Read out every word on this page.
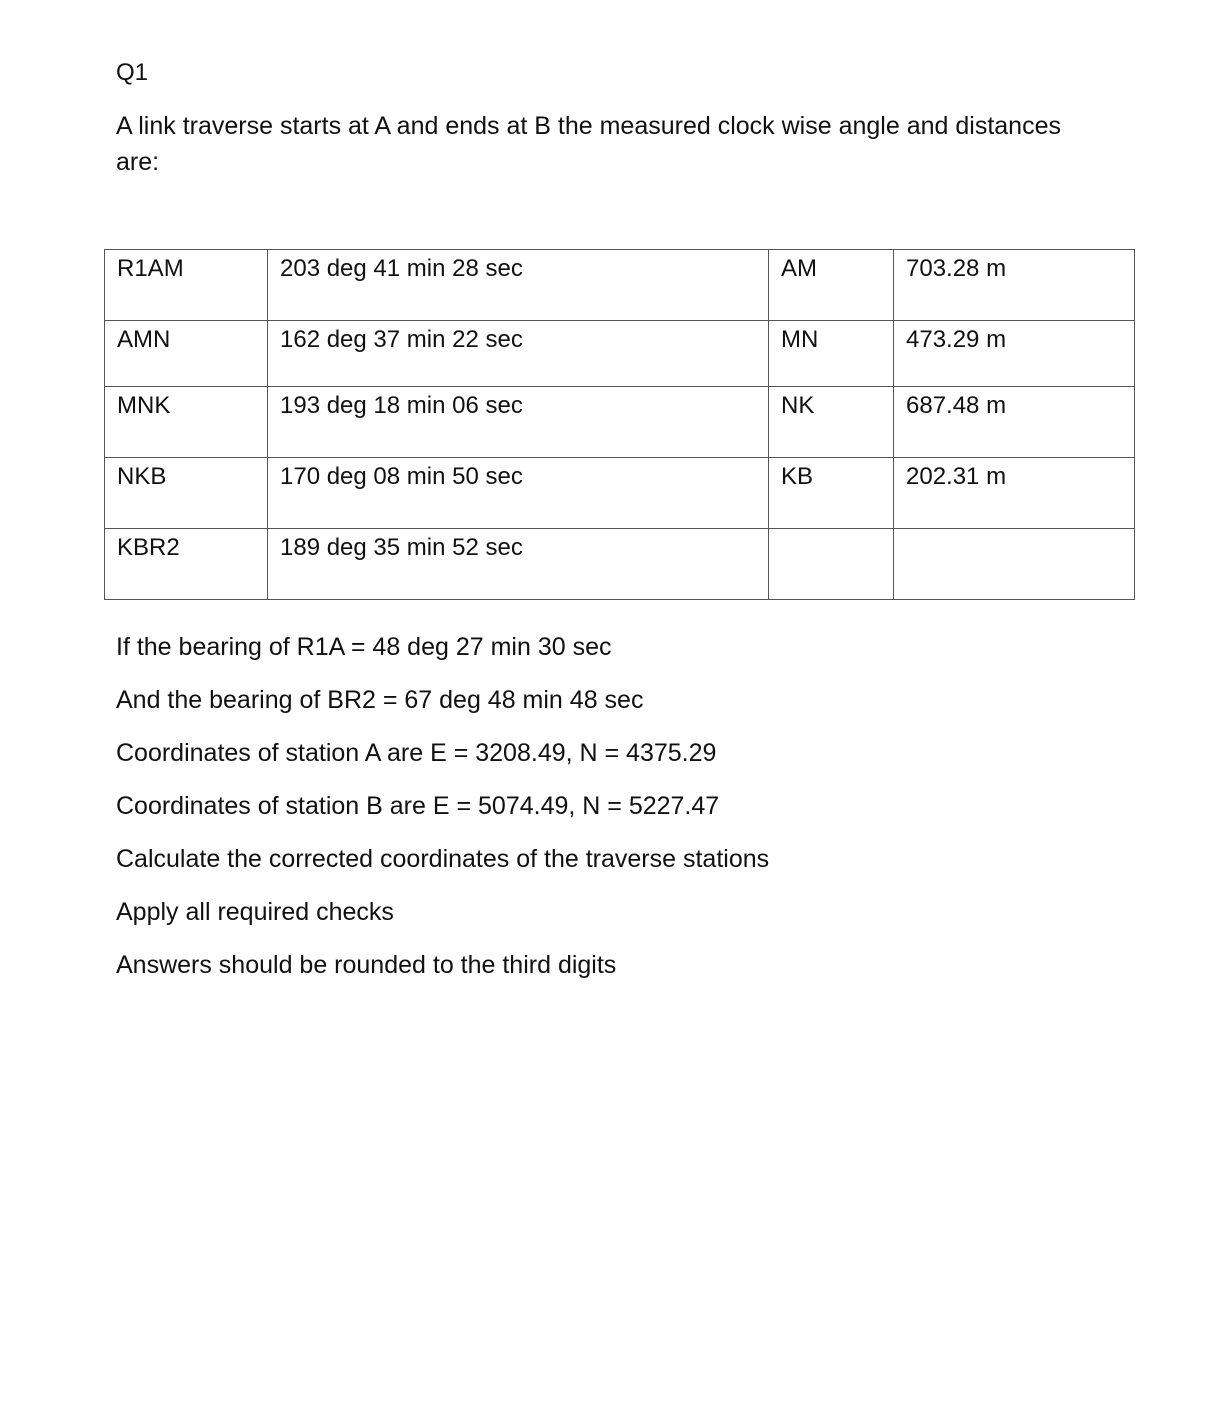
Q1
A link traverse starts at A and ends at B the measured clock wise angle and distances are:
R1AM	203 deg 41 min 28 sec	AM	703.28 m
AMN	162 deg 37 min 22 sec	MN	473.29 m
MNK	193 deg 18 min 06 sec	NK	687.48 m
NKB	170 deg 08 min 50 sec	KB	202.31 m
KBR2	189 deg 35 min 52 sec		
If the bearing of R1A = 48 deg 27 min 30 sec
And the bearing of BR2 = 67 deg 48 min 48 sec
Coordinates of station A are E = 3208.49, N = 4375.29
Coordinates of station B are E = 5074.49, N = 5227.47
Calculate the corrected coordinates of the traverse stations
Apply all required checks
Answers should be rounded to the third digits
